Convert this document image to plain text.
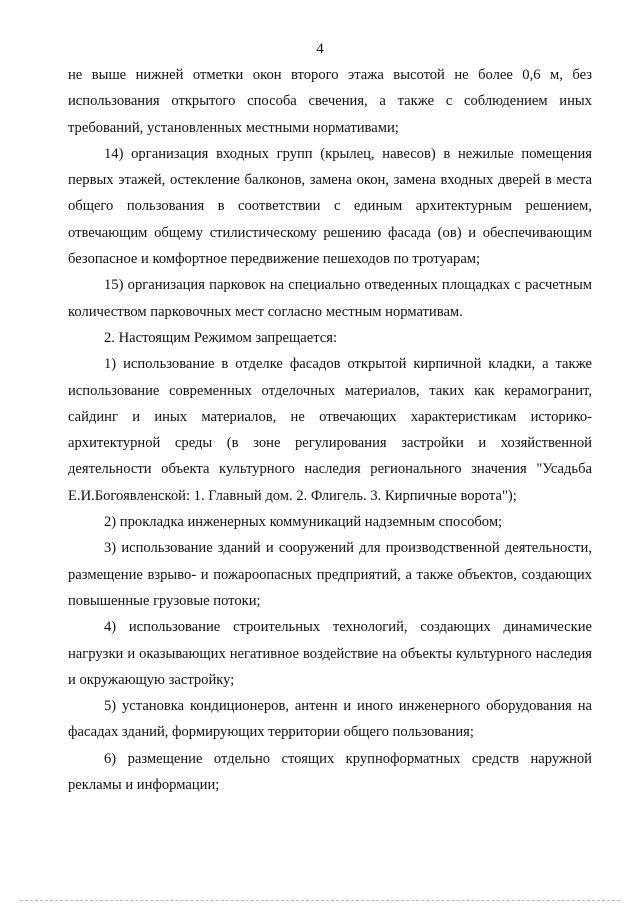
4

не выше нижней отметки окон второго этажа высотой не более 0,6 м, без использования открытого способа свечения, а также с соблюдением иных требований, установленных местными нормативами;

14) организация входных групп (крылец, навесов) в нежилые помещения первых этажей, остекление балконов, замена окон, замена входных дверей в места общего пользования в соответствии с единым архитектурным решением, отвечающим общему стилистическому решению фасада (ов) и обеспечивающим безопасное и комфортное передвижение пешеходов по тротуарам;

15) организация парковок на специально отведенных площадках с расчетным количеством парковочных мест согласно местным нормативам.

2. Настоящим Режимом запрещается:

1) использование в отделке фасадов открытой кирпичной кладки, а также использование современных отделочных материалов, таких как керамогранит, сайдинг и иных материалов, не отвечающих характеристикам историко-архитектурной среды (в зоне регулирования застройки и хозяйственной деятельности объекта культурного наследия регионального значения "Усадьба Е.И.Богоявленской: 1. Главный дом. 2. Флигель. 3. Кирпичные ворота");

2) прокладка инженерных коммуникаций надземным способом;

3) использование зданий и сооружений для производственной деятельности, размещение взрыво- и пожароопасных предприятий, а также объектов, создающих повышенные грузовые потоки;

4) использование строительных технологий, создающих динамические нагрузки и оказывающих негативное воздействие на объекты культурного наследия и окружающую застройку;

5) установка кондиционеров, антенн и иного инженерного оборудования на фасадах зданий, формирующих территории общего пользования;

6) размещение отдельно стоящих крупноформатных средств наружной рекламы и информации;
